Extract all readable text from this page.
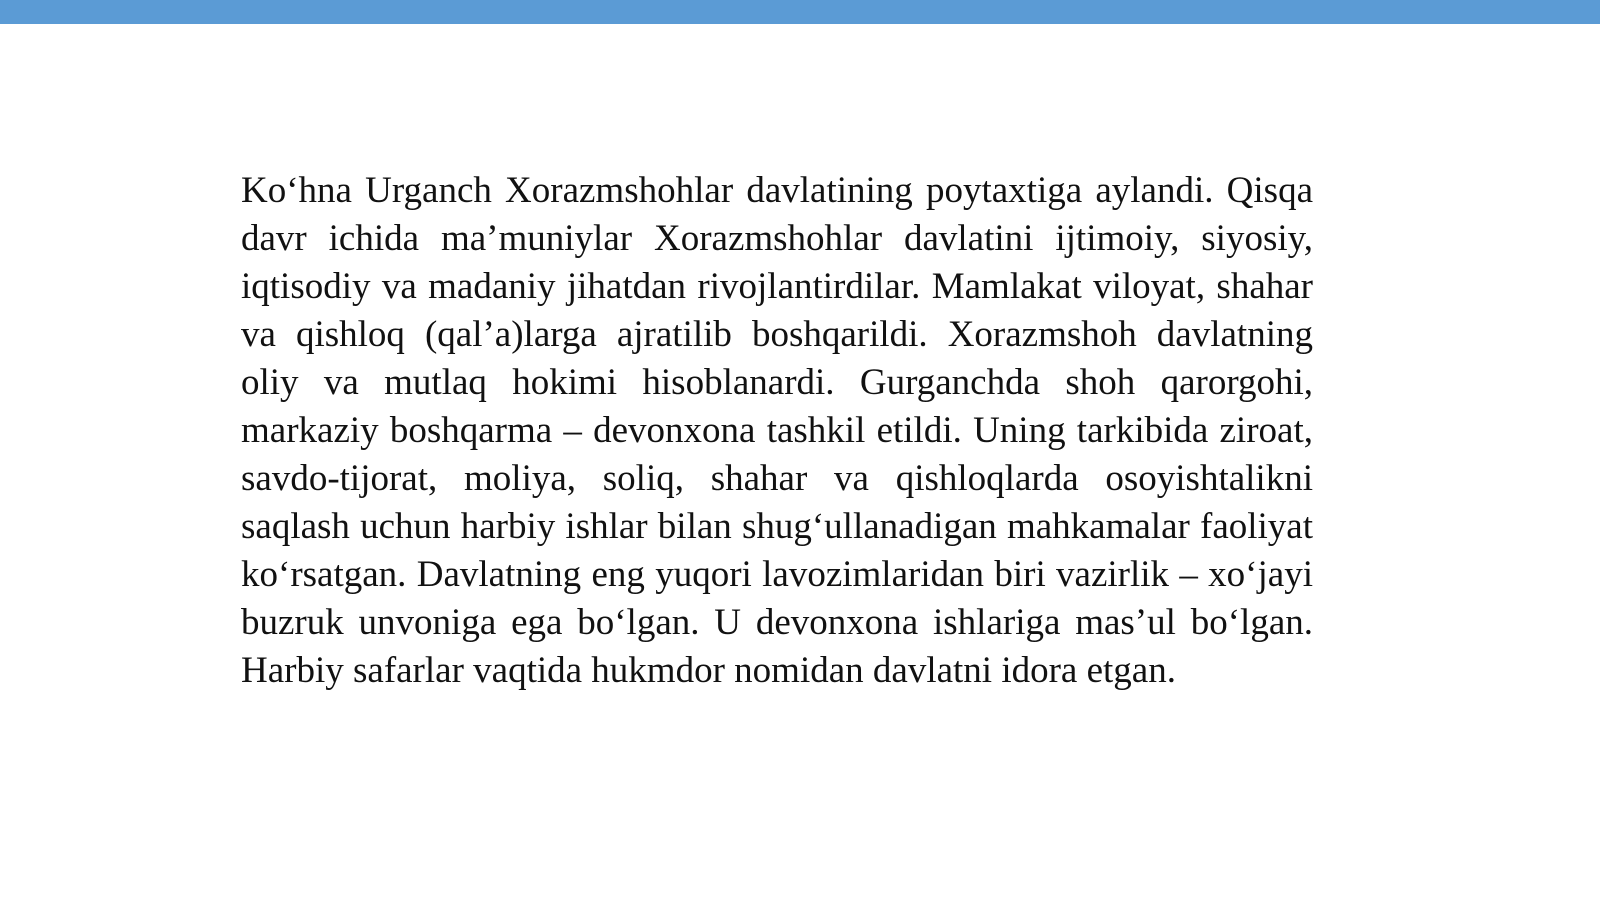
Ko‘hna Urganch Xorazmshohlar davlatining poytaxtiga aylandi. Qisqa davr ichida ma’muniylar Xorazmshohlar davlatini ijtimoiy, siyosiy, iqtisodiy va madaniy jihatdan rivojlantirdilar. Mamlakat viloyat, shahar va qishloq (qal’a)larga ajratilib boshqarildi. Xorazmshoh davlatning oliy va mutlaq hokimi hisoblanardi. Gurganchda shoh qarorgohi, markaziy boshqarma – devonxona tashkil etildi. Uning tarkibida ziroat, savdo-tijorat, moliya, soliq, shahar va qishloqlarda osoyishtalikni saqlash uchun harbiy ishlar bilan shug‘ullanadigan mahkamalar faoliyat ko‘rsatgan. Davlatning eng yuqori lavozimlaridan biri vazirlik – xo‘jayi buzruk unvoniga ega bo‘lgan. U devonxona ishlariga mas’ul bo‘lgan. Harbiy safarlar vaqtida hukmdor nomidan davlatni idora etgan.
